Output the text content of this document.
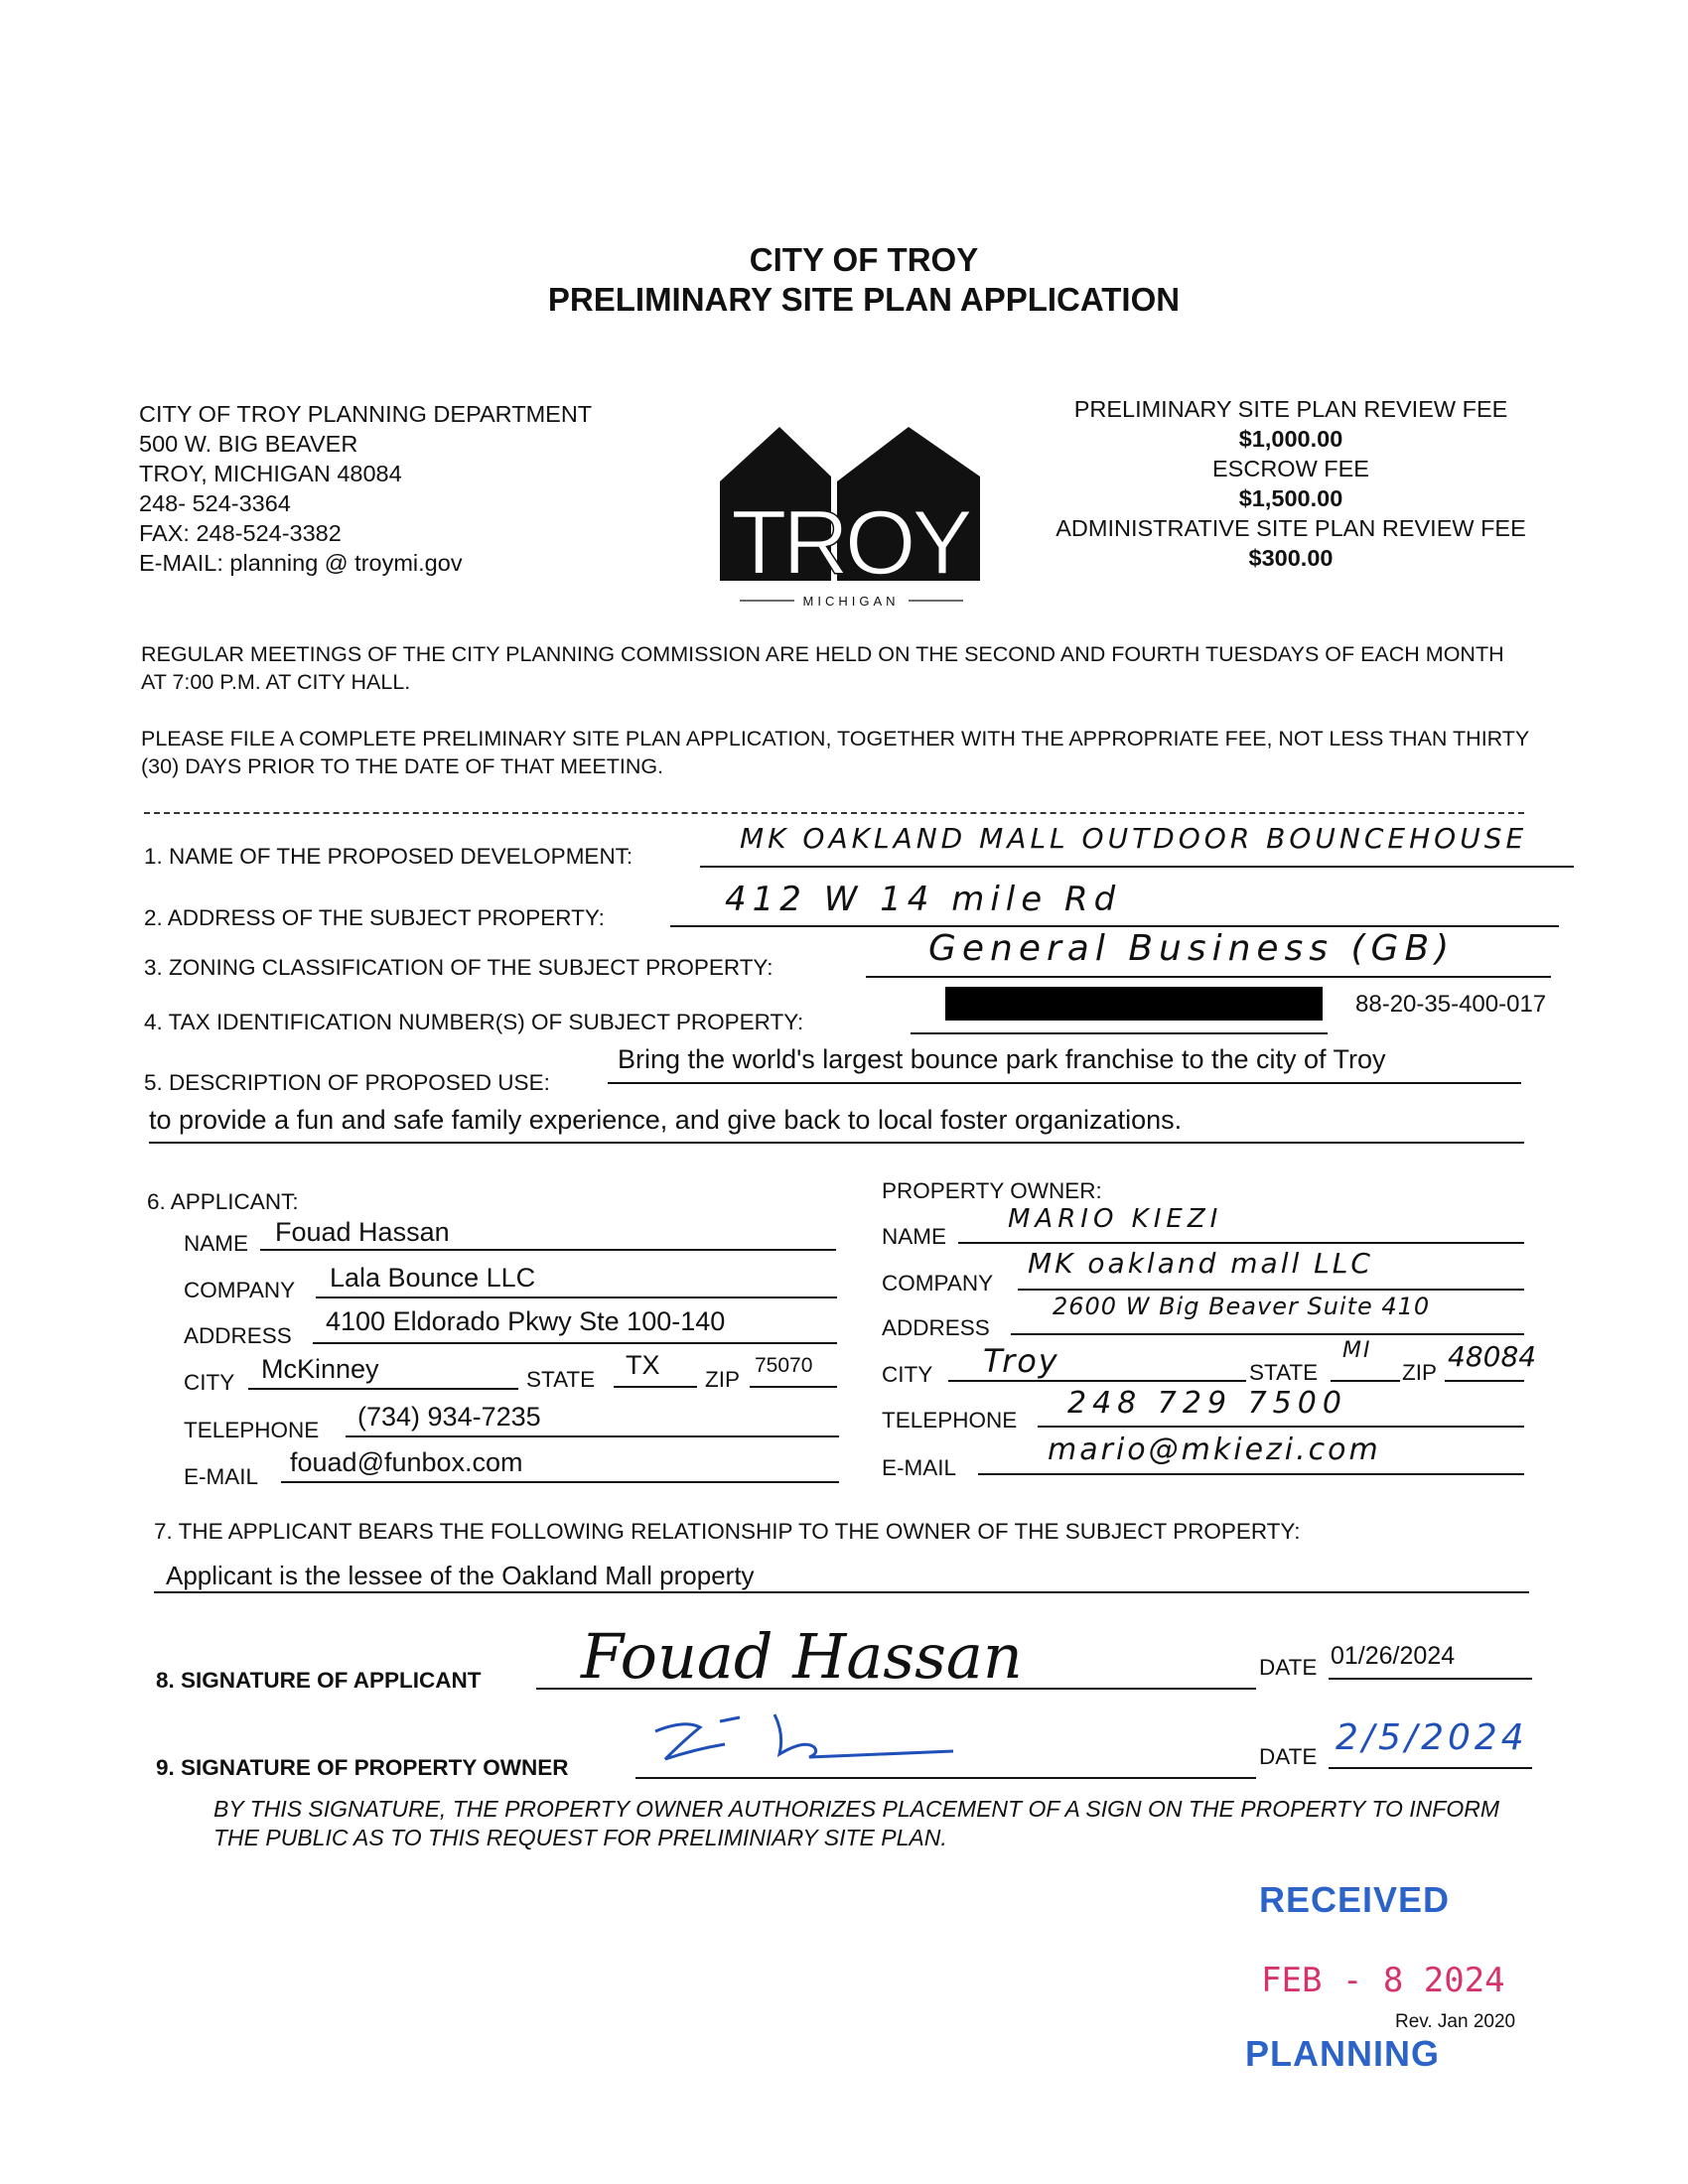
CITY OF TROY
PRELIMINARY SITE PLAN APPLICATION
CITY OF TROY PLANNING DEPARTMENT
500 W. BIG BEAVER
TROY, MICHIGAN 48084
248- 524-3364
FAX: 248-524-3382
E-MAIL: planning @ troymi.gov	TROY
MICHIGAN
PRELIMINARY SITE PLAN REVIEW FEE
$1,000.00
ESCROW FEE
$1,500.00
ADMINISTRATIVE SITE PLAN REVIEW FEE
$300.00
REGULAR MEETINGS OF THE CITY PLANNING COMMISSION ARE HELD ON THE SECOND AND FOURTH TUESDAYS OF EACH MONTH AT 7:00 P.M. AT CITY HALL.
PLEASE FILE A COMPLETE PRELIMINARY SITE PLAN APPLICATION, TOGETHER WITH THE APPROPRIATE FEE, NOT LESS THAN THIRTY (30) DAYS PRIOR TO THE DATE OF THAT MEETING.
1. NAME OF THE PROPOSED DEVELOPMENT:
MK OAKLAND MALL OUTDOOR BOUNCEHOUSE
2. ADDRESS OF THE SUBJECT PROPERTY:	412 W 14 mile Rd
3. ZONING CLASSIFICATION OF THE SUBJECT PROPERTY:	General Business (GB)
4. TAX IDENTIFICATION NUMBER(S) OF SUBJECT PROPERTY:
88-20-35-400-017
5. DESCRIPTION OF PROPOSED USE:
Bring the world's largest bounce park franchise to the city of Troy
to provide a fun and safe family experience, and give back to local foster organizations.
6. APPLICANT:
NAME Fouad Hassan
COMPANY Lala Bounce LLC
ADDRESS 4100 Eldorado Pkwy Ste 100-140
CITY McKinney	STATE TX ZIP
75070
TELEPHONE (734) 934-7235
E-MAIL fouad@funbox.com
PROPERTY OWNER:
NAME
MARIO KIEZI
COMPANY
MK oakland mall LLC
ADDRESS
2600 W Big Beaver Suite 410
CITY Troy	STATE
MI
ZIP 48084
TELEPHONE 248 729 7500
E-MAIL
mario@mkiezi.com
7. THE APPLICANT BEARS THE FOLLOWING RELATIONSHIP TO THE OWNER OF THE SUBJECT PROPERTY:
Applicant is the lessee of the Oakland Mall property
8. SIGNATURE OF APPLICANT Fouad Hassan	DATE 01/26/2024
9. SIGNATURE OF PROPERTY OWNER	DATE 2/5/2024
BY THIS SIGNATURE, THE PROPERTY OWNER AUTHORIZES PLACEMENT OF A SIGN ON THE PROPERTY TO INFORM THE PUBLIC AS TO THIS REQUEST FOR PRELIMINIARY SITE PLAN.
RECEIVED
FEB - 8 2024
PLANNING
Rev. Jan 2020
